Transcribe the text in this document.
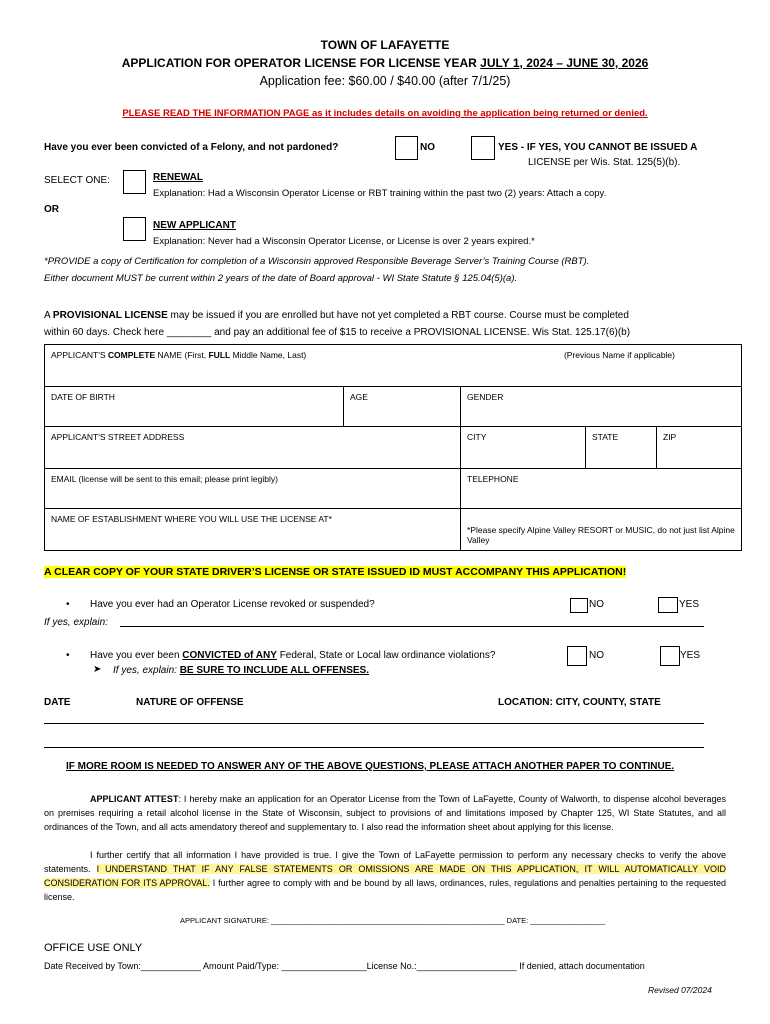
TOWN OF LAFAYETTE
APPLICATION FOR OPERATOR LICENSE FOR LICENSE YEAR JULY 1, 2024 – JUNE 30, 2026
Application fee: $60.00 / $40.00 (after 7/1/25)
PLEASE READ THE INFORMATION PAGE as it includes details on avoiding the application being returned or denied.
Have you ever been convicted of a Felony, and not pardoned?	NO	YES - IF YES, YOU CANNOT BE ISSUED A
LICENSE per Wis. Stat. 125(5)(b).
SELECT ONE:	RENEWAL
Explanation: Had a Wisconsin Operator License or RBT training within the past two (2) years: Attach a copy.
OR
NEW APPLICANT
Explanation: Never had a Wisconsin Operator License, or License is over 2 years expired.*
*PROVIDE a copy of Certification for completion of a Wisconsin approved Responsible Beverage Server’s Training Course (RBT).
Either document MUST be current within 2 years of the date of Board approval - WI State Statute § 125.04(5)(a).
A PROVISIONAL LICENSE may be issued if you are enrolled but have not yet completed a RBT course. Course must be completed
within 60 days. Check here ________ and pay an additional fee of $15 to receive a PROVISIONAL LICENSE. Wis Stat. 125.17(6)(b)
APPLICANT'S COMPLETE NAME (First, FULL Middle Name, Last) (Previous Name if applicable)				

DATE OF BIRTH	AGE	GENDER		
APPLICANT'S STREET ADDRESS		CITY	STATE	ZIP
EMAIL (license will be sent to this email; please print legibly)		TELEPHONE		
NAME OF ESTABLISHMENT WHERE YOU WILL USE THE LICENSE AT*		*Please specify Alpine Valley RESORT or MUSIC, do not just list Alpine Valley		
A CLEAR COPY OF YOUR STATE DRIVER’S LICENSE OR STATE ISSUED ID MUST ACCOMPANY THIS APPLICATION!
• Have you ever had an Operator License revoked or suspended?	NO	YES
If yes, explain:
• Have you ever been CONVICTED of ANY Federal, State or Local law ordinance violations?	NO	YES
➤ If yes, explain: BE SURE TO INCLUDE ALL OFFENSES.
DATE	NATURE OF OFFENSE	LOCATION: CITY, COUNTY, STATE
IF MORE ROOM IS NEEDED TO ANSWER ANY OF THE ABOVE QUESTIONS, PLEASE ATTACH ANOTHER PAPER TO CONTINUE.
APPLICANT ATTEST: I hereby make an application for an Operator License from the Town of LaFayette, County of Walworth, to dispense alcohol beverages on premises requiring a retail alcohol license in the State of Wisconsin, subject to provisions of and limitations imposed by Chapter 125, WI State Statutes, and all ordinances of the Town, and all acts amendatory thereof and supplementary to. I also read the information sheet about applying for this license.
I further certify that all information I have provided is true. I give the Town of LaFayette permission to perform any necessary checks to verify the above statements. I UNDERSTAND THAT IF ANY FALSE STATEMENTS OR OMISSIONS ARE MADE ON THIS APPLICATION, IT WILL AUTOMATICALLY VOID CONSIDERATION FOR ITS APPROVAL. I further agree to comply with and be bound by all laws, ordinances, rules, regulations and penalties pertaining to the requested license.
APPLICANT SIGNATURE: ________________________________________________________ DATE: __________________
OFFICE USE ONLY
Date Received by Town:____________ Amount Paid/Type: _________________License No.:____________________ If denied, attach documentation
Revised 07/2024
